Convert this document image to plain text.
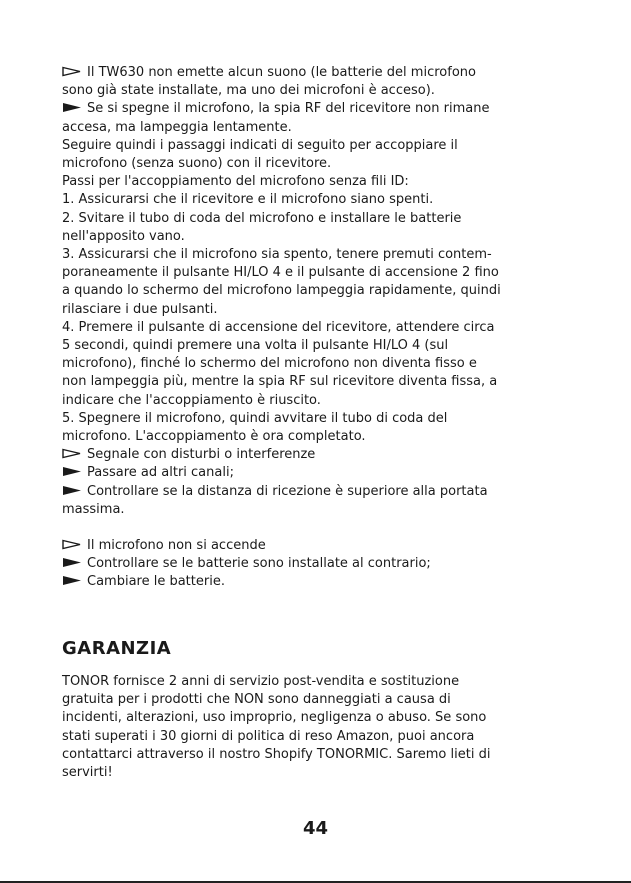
Il TW630 non emette alcun suono (le batterie del microfono
sono già state installate, ma uno dei microfoni è acceso).
Se si spegne il microfono, la spia RF del ricevitore non rimane
accesa, ma lampeggia lentamente.
Seguire quindi i passaggi indicati di seguito per accoppiare il
microfono (senza suono) con il ricevitore.
Passi per l'accoppiamento del microfono senza fili ID:
1. Assicurarsi che il ricevitore e il microfono siano spenti.
2. Svitare il tubo di coda del microfono e installare le batterie
nell'apposito vano.
3. Assicurarsi che il microfono sia spento, tenere premuti contem-
poraneamente il pulsante HI/LO 4 e il pulsante di accensione 2 fino
a quando lo schermo del microfono lampeggia rapidamente, quindi
rilasciare i due pulsanti.
4. Premere il pulsante di accensione del ricevitore, attendere circa
5 secondi, quindi premere una volta il pulsante HI/LO 4 (sul
microfono), finché lo schermo del microfono non diventa fisso e
non lampeggia più, mentre la spia RF sul ricevitore diventa fissa, a
indicare che l'accoppiamento è riuscito.
5. Spegnere il microfono, quindi avvitare il tubo di coda del
microfono. L'accoppiamento è ora completato.
Segnale con disturbi o interferenze
Passare ad altri canali;
Controllare se la distanza di ricezione è superiore alla portata
massima.
Il microfono non si accende
Controllare se le batterie sono installate al contrario;
Cambiare le batterie.
GARANZIA
TONOR fornisce 2 anni di servizio post-vendita e sostituzione
gratuita per i prodotti che NON sono danneggiati a causa di
incidenti, alterazioni, uso improprio, negligenza o abuso. Se sono
stati superati i 30 giorni di politica di reso Amazon, puoi ancora
contattarci attraverso il nostro Shopify TONORMIC. Saremo lieti di
servirti!
44
